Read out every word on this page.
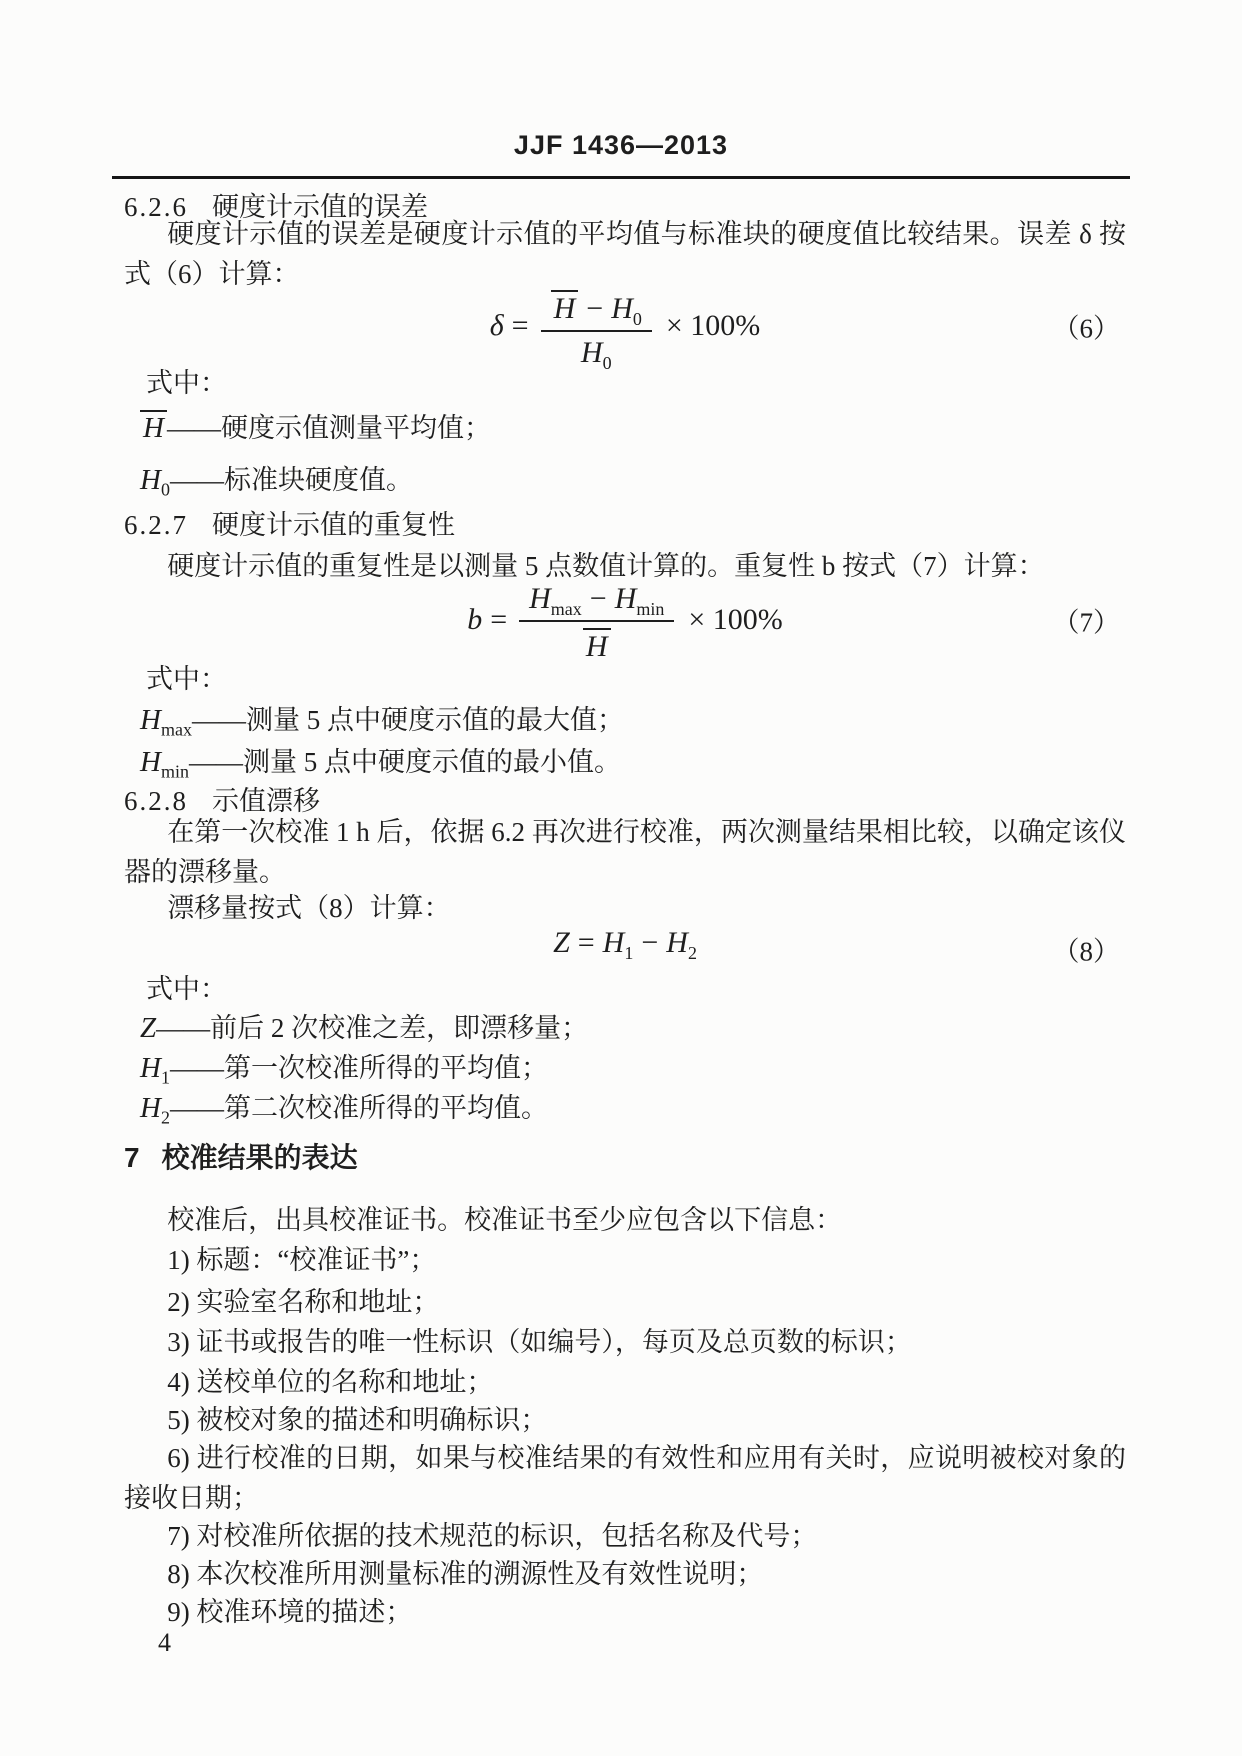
JJF 1436—2013
6.2.6 硬度计示值的误差
硬度计示值的误差是硬度计示值的平均值与标准块的硬度值比较结果。误差 δ 按式（6）计算：
$\delta = \frac{H - H_0}{H_0} \times 100\%$	（6）
式中：
H ——硬度示值测量平均值；
$H_0——$标准块硬度值。
6.2.7 硬度计示值的重复性
硬度计示值的重复性是以测量 5 点数值计算的。重复性 b 按式（7）计算：
$b = \frac{H_{max} - H_{min}}{H} \times 100\%$	（7）
式中：
$H_{max}——$测量 5 点中硬度示值的最大值；
$H_{min}——$测量 5 点中硬度示值的最小值。
6.2.8 示值漂移
在第一次校准 1 h 后，依据 6.2 再次进行校准，两次测量结果相比较，以确定该仪器的漂移量。
漂移量按式（8）计算：
$Z = H_1 - H_2$	（8）
式中：
Z——前后 2 次校准之差，即漂移量；
$H_1——$第一次校准所得的平均值；
$H_2——$第二次校准所得的平均值。
7 校准结果的表达
校准后，出具校准证书。校准证书至少应包含以下信息：
1) 标题：“校准证书”；
2) 实验室名称和地址；
3) 证书或报告的唯一性标识（如编号），每页及总页数的标识；
4) 送校单位的名称和地址；
5) 被校对象的描述和明确标识；
6) 进行校准的日期，如果与校准结果的有效性和应用有关时，应说明被校对象的接收日期；
7) 对校准所依据的技术规范的标识，包括名称及代号；
8) 本次校准所用测量标准的溯源性及有效性说明；
9) 校准环境的描述；
4
